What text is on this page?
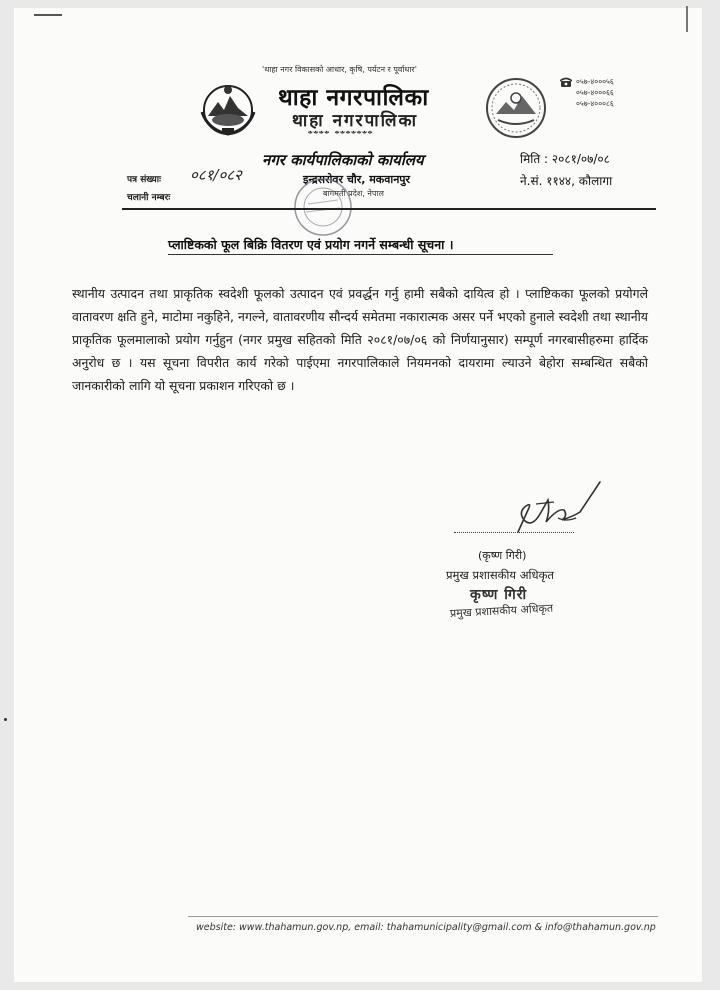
'थाहा नगर विकासको आधार, कृषि, पर्यटन र पूर्वाधार'
थाहा नगरपालिका
थाहा नगरपालिका
ꣲꣲꣲꣲ ꣲꣲꣲꣲꣲꣲꣲ
नगर कार्यपालिकाको कार्यालय
इन्द्रसरोवर चौर, मकवानपुर
बागमती प्रदेश, नेपाल
०५७-४०००५६
०५७-४०००६६
०५७-४०००८६
मिति : २०८१/०७/०८
ने.सं. ११४४, कौलागा
पत्र संख्याः ०८१/०८२
चलानी नम्बरः
प्लाष्टिकको फूल बिक्रि वितरण एवं प्रयोग नगर्ने सम्बन्धी सूचना ।
स्थानीय उत्पादन तथा प्राकृतिक स्वदेशी फूलको उत्पादन एवं प्रवर्द्धन गर्नु हामी सबैको दायित्व हो । प्लाष्टिकका फूलको प्रयोगले वातावरण क्षति हुने, माटोमा नकुहिने, नगल्ने, वातावरणीय सौन्दर्य समेतमा नकारात्मक असर पर्ने भएको हुनाले स्वदेशी तथा स्थानीय प्राकृतिक फूलमालाको प्रयोग गर्नुहुन (नगर प्रमुख सहितको मिति २०८१/०७/०६ को निर्णयानुसार) सम्पूर्ण नगरबासीहरुमा हार्दिक अनुरोध छ । यस सूचना विपरीत कार्य गरेको पाईएमा नगरपालिकाले नियमनको दायरामा ल्याउने बेहोरा सम्बन्धित सबैको जानकारीको लागि यो सूचना प्रकाशन गरिएको छ ।
(कृष्ण गिरी)
प्रमुख प्रशासकीय अधिकृत
कृष्ण गिरी
प्रमुख प्रशासकीय अधिकृत
website: www.thahamun.gov.np, email: thahamunicipality@gmail.com & info@thahamun.gov.np
